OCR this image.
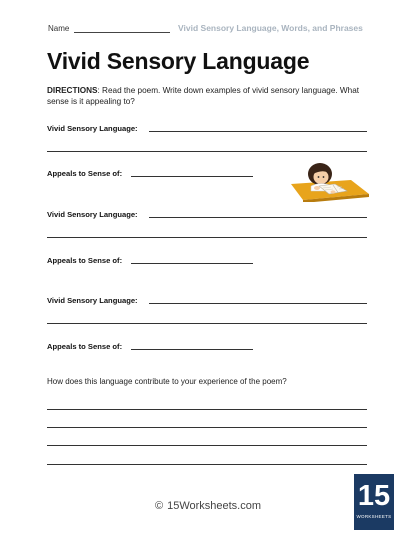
Name	Vivid Sensory Language, Words, and Phrases
Vivid Sensory Language
DIRECTIONS: Read the poem. Write down examples of vivid sensory language. What sense is it appealing to?
Vivid Sensory Language:
Appeals to Sense of:
Vivid Sensory Language:
Appeals to Sense of:
Vivid Sensory Language:
Appeals to Sense of:
How does this language contribute to your experience of the poem?
© 15Worksheets.com	15
WORKSHEETS
